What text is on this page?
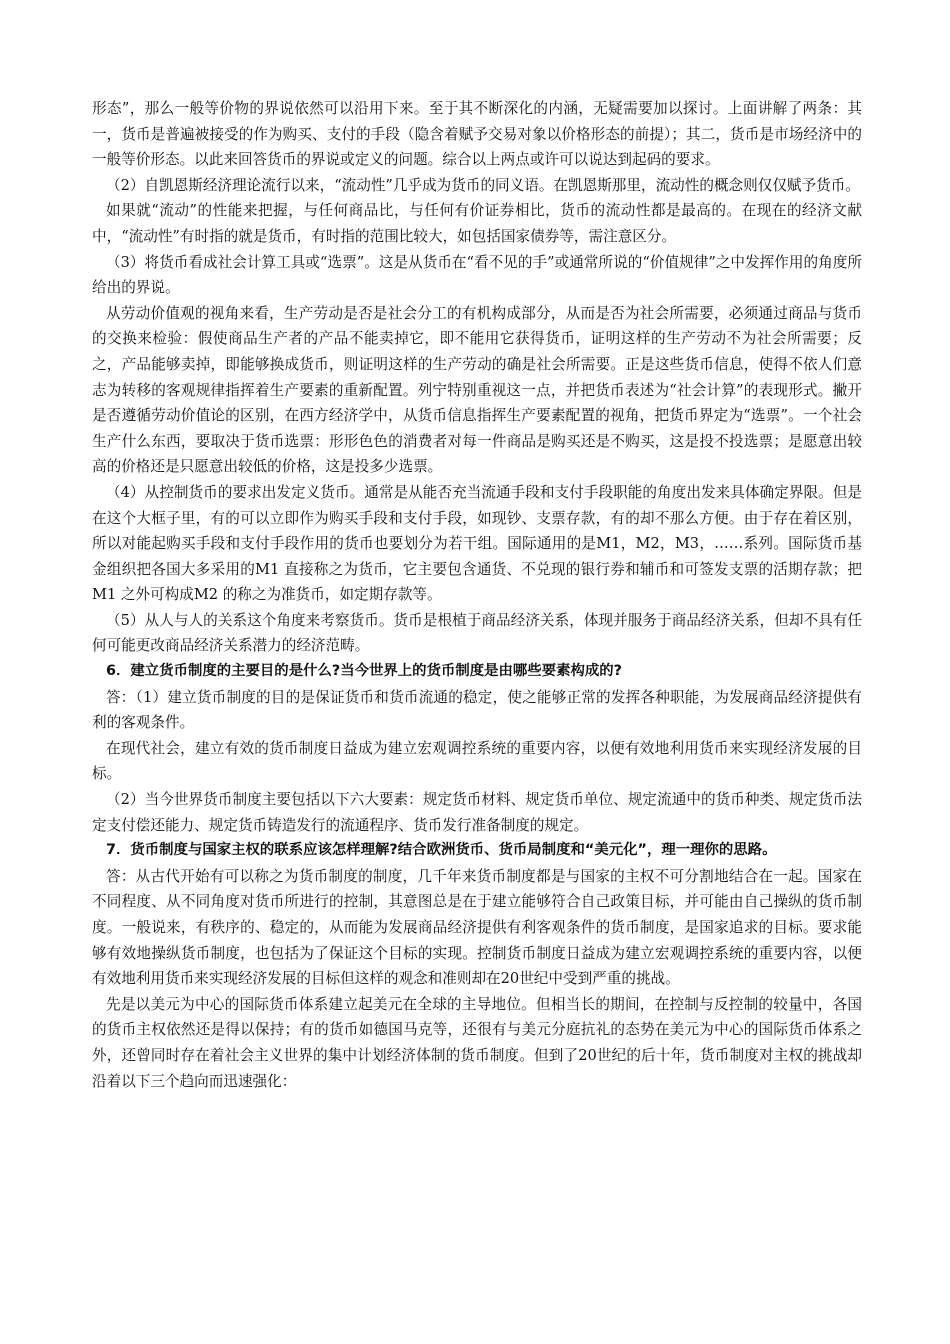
形态”，那么一般等价物的界说依然可以沿用下来。至于其不断深化的内涵，无疑需要加以探讨。上面讲解了两条：其一，货币是普遍被接受的作为购买、支付的手段（隐含着赋予交易对象以价格形态的前提）；其二，货币是市场经济中的一般等价形态。以此来回答货币的界说或定义的问题。综合以上两点或许可以说达到起码的要求。

（2）自凯恩斯经济理论流行以来，“流动性”几乎成为货币的同义语。在凯恩斯那里，流动性的概念则仅仅赋予货币。

如果就“流动”的性能来把握，与任何商品比，与任何有价证券相比，货币的流动性都是最高的。在现在的经济文献中，“流动性”有时指的就是货币，有时指的范围比较大，如包括国家债券等，需注意区分。

（3）将货币看成社会计算工具或“选票”。这是从货币在“看不见的手”或通常所说的“价值规律”之中发挥作用的角度所给出的界说。

从劳动价值观的视角来看，生产劳动是否是社会分工的有机构成部分，从而是否为社会所需要，必须通过商品与货币的交换来检验：假使商品生产者的产品不能卖掉它，即不能用它获得货币，证明这样的生产劳动不为社会所需要；反之，产品能够卖掉，即能够换成货币，则证明这样的生产劳动的确是社会所需要。正是这些货币信息，使得不依人们意志为转移的客观规律指挥着生产要素的重新配置。列宁特别重视这一点，并把货币表述为“社会计算”的表现形式。撇开是否遵循劳动价值论的区别，在西方经济学中，从货币信息指挥生产要素配置的视角，把货币界定为“选票”。一个社会生产什么东西，要取决于货币选票：形形色色的消费者对每一件商品是购买还是不购买，这是投不投选票；是愿意出较高的价格还是只愿意出较低的价格，这是投多少选票。

（4）从控制货币的要求出发定义货币。通常是从能否充当流通手段和支付手段职能的角度出发来具体确定界限。但是在这个大框子里，有的可以立即作为购买手段和支付手段，如现钞、支票存款，有的却不那么方便。由于存在着区别，所以对能起购买手段和支付手段作用的货币也要划分为若干组。国际通用的是M1，M2，M3，……系列。国际货币基金组织把各国大多采用的M1 直接称之为货币，它主要包含通货、不兑现的银行券和辅币和可签发支票的活期存款；把M1 之外可构成M2 的称之为准货币，如定期存款等。

（5）从人与人的关系这个角度来考察货币。货币是根植于商品经济关系，体现并服务于商品经济关系，但却不具有任何可能更改商品经济关系潜力的经济范畴。

6．建立货币制度的主要目的是什么?当今世界上的货币制度是由哪些要素构成的?

答：（1）建立货币制度的目的是保证货币和货币流通的稳定，使之能够正常的发挥各种职能，为发展商品经济提供有利的客观条件。

在现代社会，建立有效的货币制度日益成为建立宏观调控系统的重要内容，以便有效地利用货币来实现经济发展的目标。

（2）当今世界货币制度主要包括以下六大要素：规定货币材料、规定货币单位、规定流通中的货币种类、规定货币法定支付偿还能力、规定货币铸造发行的流通程序、货币发行准备制度的规定。

7．货币制度与国家主权的联系应该怎样理解?结合欧洲货币、货币局制度和“美元化”，理一理你的思路。

答：从古代开始有可以称之为货币制度的制度，几千年来货币制度都是与国家的主权不可分割地结合在一起。国家在不同程度、从不同角度对货币所进行的控制，其意图总是在于建立能够符合自己政策目标，并可能由自己操纵的货币制度。一般说来，有秩序的、稳定的，从而能为发展商品经济提供有利客观条件的货币制度，是国家追求的目标。要求能够有效地操纵货币制度，也包括为了保证这个目标的实现。控制货币制度日益成为建立宏观调控系统的重要内容，以便有效地利用货币来实现经济发展的目标但这样的观念和准则却在20世纪中受到严重的挑战。

先是以美元为中心的国际货币体系建立起美元在全球的主导地位。但相当长的期间，在控制与反控制的较量中，各国的货币主权依然还是得以保持；有的货币如德国马克等，还很有与美元分庭抗礼的态势在美元为中心的国际货币体系之外，还曾同时存在着社会主义世界的集中计划经济体制的货币制度。但到了20世纪的后十年，货币制度对主权的挑战却沿着以下三个趋向而迅速强化：
